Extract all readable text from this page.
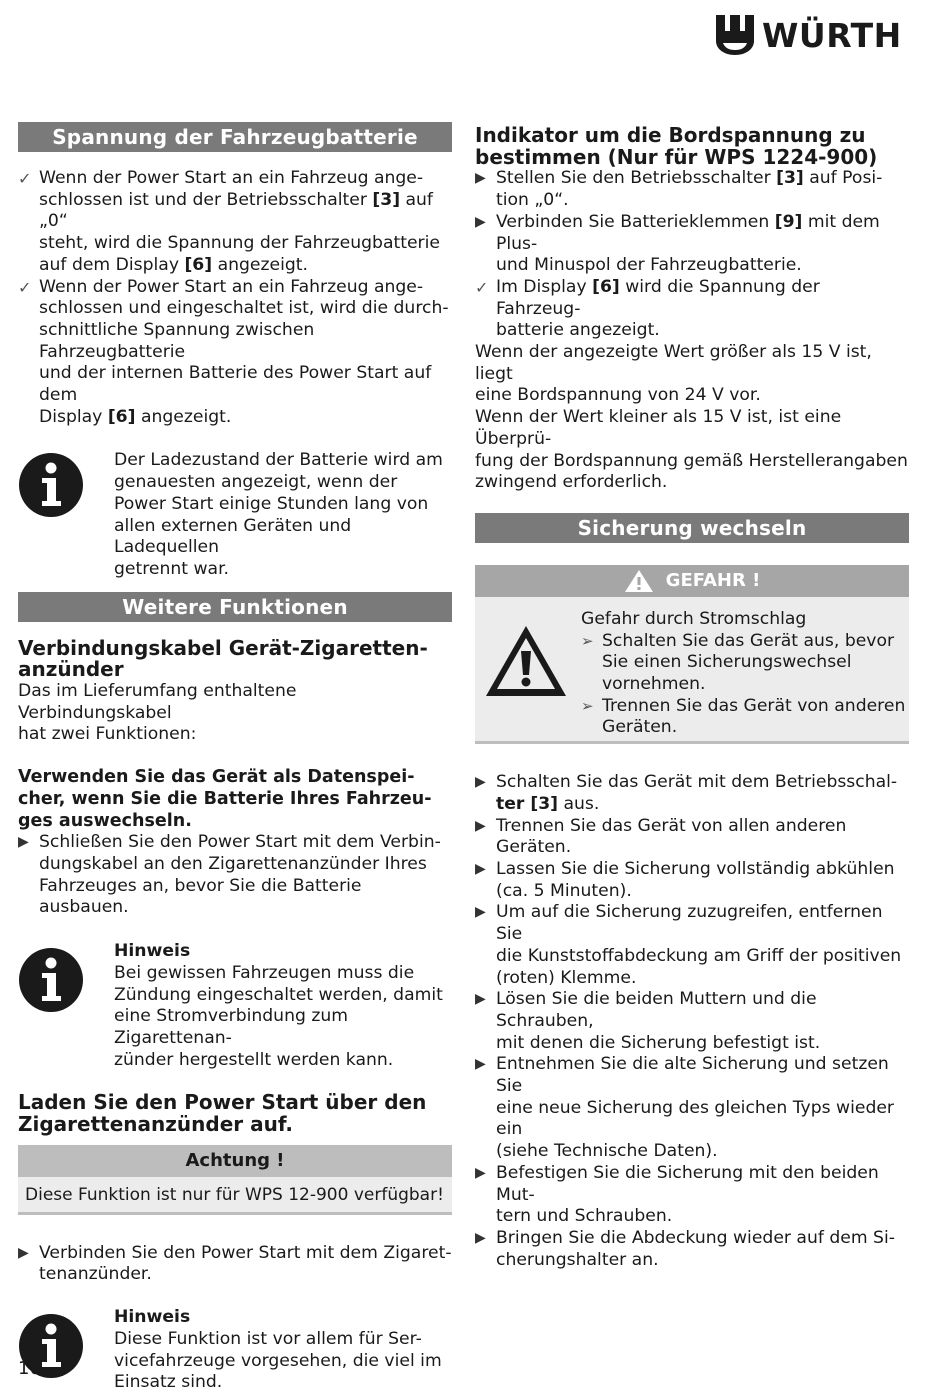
WÜRTH
Spannung der Fahrzeugbatterie
✓ Wenn der Power Start an ein Fahrzeug ange-
schlossen ist und der Betriebsschalter [3] auf „0“
steht, wird die Spannung der Fahrzeugbatterie
auf dem Display [6] angezeigt.
✓ Wenn der Power Start an ein Fahrzeug ange-
schlossen und eingeschaltet ist, wird die durch-
schnittliche Spannung zwischen Fahrzeugbatterie
und der internen Batterie des Power Start auf dem
Display [6] angezeigt.
Der Ladezustand der Batterie wird am
genauesten angezeigt, wenn der
Power Start einige Stunden lang von
allen externen Geräten und Ladequellen
getrennt war.
Weitere Funktionen
Verbindungskabel Gerät-Zigaretten-
anzünder
Das im Lieferumfang enthaltene Verbindungskabel
hat zwei Funktionen:
Verwenden Sie das Gerät als Datenspei-
cher, wenn Sie die Batterie Ihres Fahrzeu-
ges auswechseln.
▶ Schließen Sie den Power Start mit dem Verbin-
dungskabel an den Zigarettenanzünder Ihres
Fahrzeuges an, bevor Sie die Batterie ausbauen.
Hinweis
Bei gewissen Fahrzeugen muss die
Zündung eingeschaltet werden, damit
eine Stromverbindung zum Zigarettenan-
zünder hergestellt werden kann.
Laden Sie den Power Start über den
Zigarettenanzünder auf.
Achtung !
Diese Funktion ist nur für WPS 12-900 verfügbar!
▶ Verbinden Sie den Power Start mit dem Zigaret-
tenanzünder.
Hinweis
Diese Funktion ist vor allem für Ser-
vicefahrzeuge vorgesehen, die viel im
Einsatz sind.
Indikator um die Bordspannung zu
bestimmen (Nur für WPS 1224-900)
▶ Stellen Sie den Betriebsschalter [3] auf Posi-
tion „0“.
▶ Verbinden Sie Batterieklemmen [9] mit dem Plus-
und Minuspol der Fahrzeugbatterie.
✓ Im Display [6] wird die Spannung der Fahrzeug-
batterie angezeigt.
Wenn der angezeigte Wert größer als 15 V ist, liegt
eine Bordspannung von 24 V vor.
Wenn der Wert kleiner als 15 V ist, ist eine Überprü-
fung der Bordspannung gemäß Herstellerangaben
zwingend erforderlich.
Sicherung wechseln
GEFAHR !
Gefahr durch Stromschlag
➢ Schalten Sie das Gerät aus, bevor
Sie einen Sicherungswechsel
vornehmen.
➢ Trennen Sie das Gerät von anderen
Geräten.
▶ Schalten Sie das Gerät mit dem Betriebsschal-
ter [3] aus.
▶ Trennen Sie das Gerät von allen anderen Geräten.
▶ Lassen Sie die Sicherung vollständig abkühlen
(ca. 5 Minuten).
▶ Um auf die Sicherung zuzugreifen, entfernen Sie
die Kunststoffabdeckung am Griff der positiven
(roten) Klemme.
▶ Lösen Sie die beiden Muttern und die Schrauben,
mit denen die Sicherung befestigt ist.
▶ Entnehmen Sie die alte Sicherung und setzen Sie
eine neue Sicherung des gleichen Typs wieder ein
(siehe Technische Daten).
▶ Befestigen Sie die Sicherung mit den beiden Mut-
tern und Schrauben.
▶ Bringen Sie die Abdeckung wieder auf dem Si-
cherungshalter an.
10
